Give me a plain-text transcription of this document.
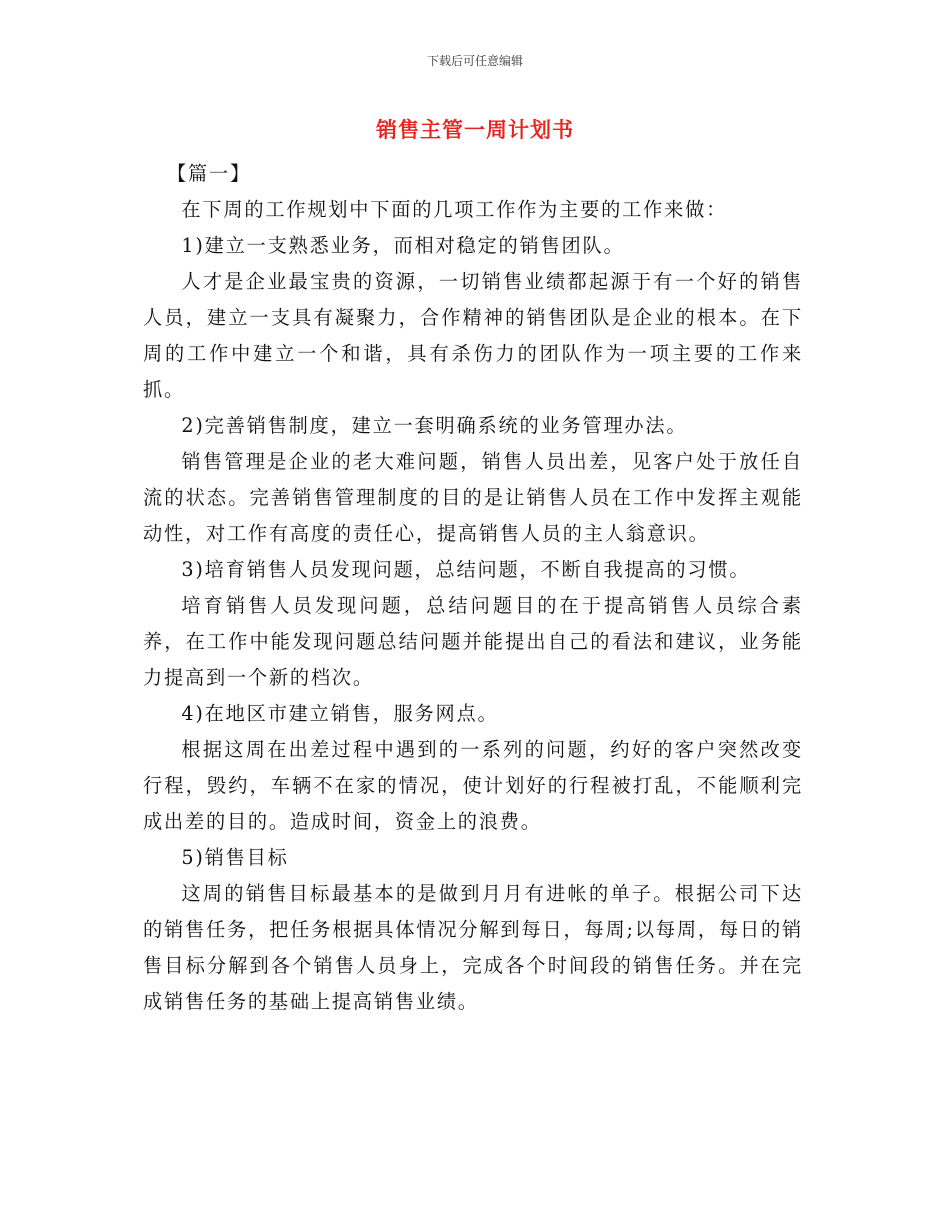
下载后可任意编辑
销售主管一周计划书

【篇一】

在下周的工作规划中下面的几项工作作为主要的工作来做：

1)建立一支熟悉业务，而相对稳定的销售团队。

人才是企业最宝贵的资源，一切销售业绩都起源于有一个好的销售人员，建立一支具有凝聚力，合作精神的销售团队是企业的根本。在下周的工作中建立一个和谐，具有杀伤力的团队作为一项主要的工作来抓。

2)完善销售制度，建立一套明确系统的业务管理办法。

销售管理是企业的老大难问题，销售人员出差，见客户处于放任自流的状态。完善销售管理制度的目的是让销售人员在工作中发挥主观能动性，对工作有高度的责任心，提高销售人员的主人翁意识。

3)培育销售人员发现问题，总结问题，不断自我提高的习惯。

培育销售人员发现问题，总结问题目的在于提高销售人员综合素养，在工作中能发现问题总结问题并能提出自己的看法和建议，业务能力提高到一个新的档次。

4)在地区市建立销售，服务网点。

根据这周在出差过程中遇到的一系列的问题，约好的客户突然改变行程，毁约，车辆不在家的情况，使计划好的行程被打乱，不能顺利完成出差的目的。造成时间，资金上的浪费。

5)销售目标

这周的销售目标最基本的是做到月月有进帐的单子。根据公司下达的销售任务，把任务根据具体情况分解到每日，每周;以每周，每日的销售目标分解到各个销售人员身上，完成各个时间段的销售任务。并在完成销售任务的基础上提高销售业绩。
